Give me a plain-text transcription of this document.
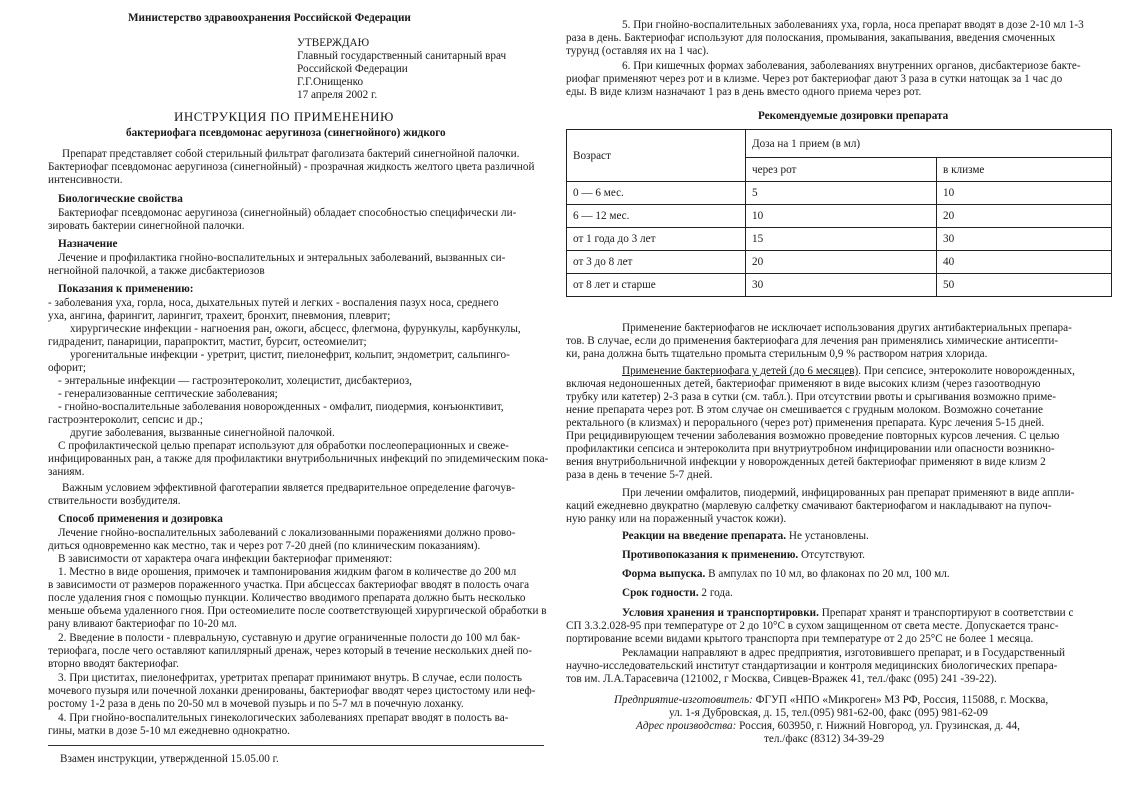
Министерство здравоохранения Российской Федерации
УТВЕРЖДАЮ
Главный государственный санитарный врач
Российской Федерации
Г.Г.Онищенко
17 апреля 2002 г.
ИНСТРУКЦИЯ ПО ПРИМЕНЕНИЮ
бактериофага псевдомонас аеругиноза (синегнойного) жидкого
Препарат представляет собой стерильный фильтрат фаголизата бактерий синегнойной палочки.
Бактериофаг псевдомонас аеругиноза (синегнойный) - прозрачная жидкость желтого цвета различной
интенсивности.
Биологические свойства
Бактериофаг псевдомонас аеругиноза (синегнойный) обладает способностью специфически ли-
зировать бактерии синегнойной палочки.
Назначение
Лечение и профилактика гнойно-воспалительных и энтеральных заболеваний, вызванных си-
негнойной палочкой, а также дисбактериозов
Показания к применению:
- заболевания уха, горла, носа, дыхательных путей и легких - воспаления пазух носа, среднего
уха, ангина, фарингит, ларингит, трахеит, бронхит, пневмония, плеврит;
хирургические инфекции - нагноения ран, ожоги, абсцесс, флегмона, фурункулы, карбункулы,
гидраденит, панариции, парапроктит, мастит, бурсит, остеомиелит;
урогенитальные инфекции - уретрит, цистит, пиелонефрит, кольпит, эндометрит, сальпинго-
офорит;
- энтеральные инфекции — гастроэнтероколит, холецистит, дисбактериоз,
- генерализованные септические заболевания;
- гнойно-воспалительные заболевания новорожденных - омфалит, пиодермия, конъюнктивит,
гастроэнтероколит, сепсис и др.;
другие заболевания, вызванные синегнойной палочкой.
С профилактической целью препарат используют для обработки послеоперационных и свеже-
инфицированных ран, а также для профилактики внутрибольничных инфекций по эпидемическим пока-
заниям.
Важным условием эффективной фаготерапии является предварительное определение фагочув-
ствительности возбудителя.
Способ применения и дозировка
Лечение гнойно-воспалительных заболеваний с локализованными поражениями должно прово-
диться одновременно как местно, так и через рот 7-20 дней (по клиническим показаниям).
В зависимости от характера очага инфекции бактериофаг применяют:
1. Местно в виде орошения, примочек и тампонирования жидким фагом в количестве до 200 мл
в зависимости от размеров пораженного участка. При абсцессах бактериофаг вводят в полость очага
после удаления гноя с помощью пункции. Количество вводимого препарата должно быть несколько
меньше объема удаленного гноя. При остеомиелите после соответствующей хирургической обработки в
рану вливают бактериофаг по 10-20 мл.
2. Введение в полости - плевральную, суставную и другие ограниченные полости до 100 мл бак-
териофага, после чего оставляют капиллярный дренаж, через который в течение нескольких дней по-
вторно вводят бактериофаг.
3. При циститах, пиелонефритах, уретритах препарат принимают внутрь. В случае, если полость
мочевого пузыря или почечной лоханки дренированы, бактериофаг вводят через цистостому или неф-
ростому 1-2 раза в день по 20-50 мл в мочевой пузырь и по 5-7 мл в почечную лоханку.
4. При гнойно-воспалительных гинекологических заболеваниях препарат вводят в полость ва-
гины, матки в дозе 5-10 мл ежедневно однократно.
Взамен инструкции, утвержденной 15.05.00 г.
5. При гнойно-воспалительных заболеваниях уха, горла, носа препарат вводят в дозе 2-10 мл 1-3
раза в день. Бактериофаг используют для полоскания, промывания, закапывания, введения смоченных
турунд (оставляя их на 1 час).
6. При кишечных формах заболевания, заболеваниях внутренних органов, дисбактериозе бакте-
риофаг применяют через рот и в клизме. Через рот бактериофаг дают 3 раза в сутки натощак за 1 час до
еды. В виде клизм назначают 1 раз в день вместо одного приема через рот.
Рекомендуемые дозировки препарата
Возраст	Доза на 1 прием (в мл)	
	через рот	в клизме
0 — 6 мес.	5	10
6 — 12 мес.	10	20
от 1 года до 3 лет	15	30
от 3 до 8 лет	20	40
от 8 лет и старше	30	50
Применение бактериофагов не исключает использования других антибактериальных препара-
тов. В случае, если до применения бактериофага для лечения ран применялись химические антисепти-
ки, рана должна быть тщательно промыта стерильным 0,9 % раствором натрия хлорида.
Применение бактериофага у детей (до 6 месяцев). При сепсисе, энтероколите новорожденных,
включая недоношенных детей, бактериофаг применяют в виде высоких клизм (через газоотводную
трубку или катетер) 2-3 раза в сутки (см. табл.). При отсутствии рвоты и срыгивания возможно приме-
нение препарата через рот. В этом случае он смешивается с грудным молоком. Возможно сочетание
ректального (в клизмах) и перорального (через рот) применения препарата. Курс лечения 5-15 дней.
При рецидивирующем течении заболевания возможно проведение повторных курсов лечения. С целью
профилактики сепсиса и энтероколита при внутриутробном инфицировании или опасности возникно-
вения внутрибольничной инфекции у новорожденных детей бактериофаг применяют в виде клизм 2
раза в день в течение 5-7 дней.
При лечении омфалитов, пиодермий, инфицированных ран препарат применяют в виде аппли-
каций ежедневно двукратно (марлевую салфетку смачивают бактериофагом и накладывают на пупоч-
ную ранку или на пораженный участок кожи).
Реакции на введение препарата. Не установлены.
Противопоказания к применению. Отсутствуют.
Форма выпуска. В ампулах по 10 мл, во флаконах по 20 мл, 100 мл.
Срок годности. 2 года.
Условия хранения и транспортировки. Препарат хранят и транспортируют в соответствии с
СП 3.3.2.028-95 при температуре от 2 до 10°С в сухом защищенном от света месте. Допускается транс-
портирование всеми видами крытого транспорта при температуре от 2 до 25°С не более 1 месяца.
Рекламации направляют в адрес предприятия, изготовившего препарат, и в Государственный
научно-исследовательский институт стандартизации и контроля медицинских биологических препара-
тов им. Л.А.Тарасевича (121002, г Москва, Сивцев-Вражек 41, тел./факс (095) 241 -39-22).
Предприятие-изготовитель: ФГУП «НПО «Микроген» МЗ РФ, Россия, 115088, г. Москва,
ул. 1-я Дубровская, д. 15, тел.(095) 981-62-00, факс (095) 981-62-09
Адрес производства: Россия, 603950, г. Нижний Новгород, ул. Грузинская, д. 44,
тел./факс (8312) 34-39-29
